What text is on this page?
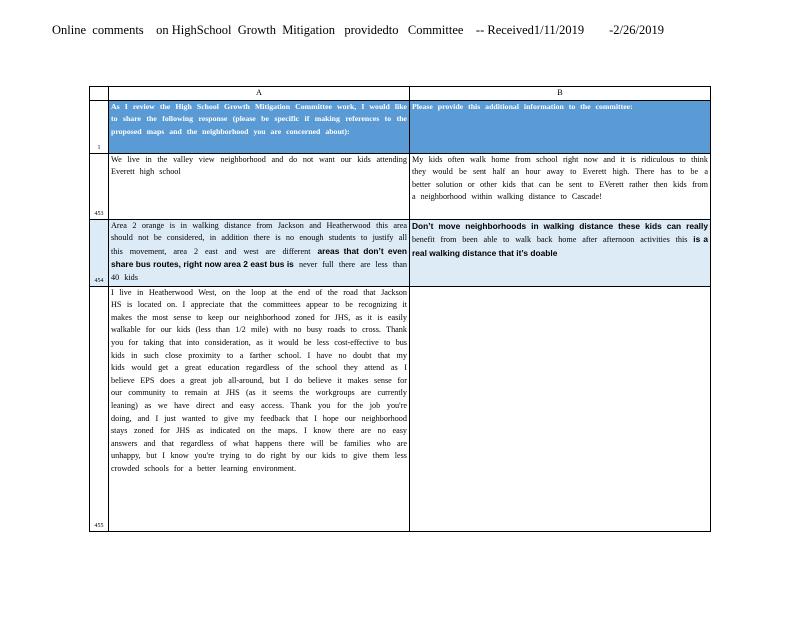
Online  comments    on HighSchool  Growth  Mitigation   providedto   Committee    -- Received1/11/2019        -2/26/2019
	A	B
1	As I review the High School Growth Mitigation Committee work, I would like to share the following response (please be specific if making references to the proposed maps and the neighborhood you are concerned about):	Please provide this additional information to the committee:
453	We live in the valley view neighborhood and do not want our kids attending Everett high school	My kids often walk home from school right now and it is ridiculous to think they would be sent half an hour away to Everett high. There has to be a better solution or other kids that can be sent to EVerett rather then kids from a neighborhood within walking distance to Cascade!
454	Area 2 orange is in walking distance from Jackson and Heatherwood this area should not be considered, in addition there is no enough students to justify all this movement, area 2 east and west are different areas that don’t even share bus routes, right now area 2 east bus is never full there are less than 40 kids	Don’t move neighborhoods in walking distance these kids can really benefit from been able to walk back home after afternoon activities this is a real walking distance that it’s doable
455	I live in Heatherwood West, on the loop at the end of the road that Jackson HS is located on. I appreciate that the committees appear to be recognizing it makes the most sense to keep our neighborhood zoned for JHS, as it is easily walkable for our kids (less than 1/2 mile) with no busy roads to cross. Thank you for taking that into consideration, as it would be less cost-effective to bus kids in such close proximity to a farther school. I have no doubt that my kids would get a great education regardless of the school they attend as I believe EPS does a great job all-around, but I do believe it makes sense for our community to remain at JHS (as it seems the workgroups are currently leaning) as we have direct and easy access. Thank you for the job you're doing, and I just wanted to give my feedback that I hope our neighborhood stays zoned for JHS as indicated on the maps. I know there are no easy answers and that regardless of what happens there will be families who are unhappy, but I know you're trying to do right by our kids to give them less crowded schools for a better learning environment.	
